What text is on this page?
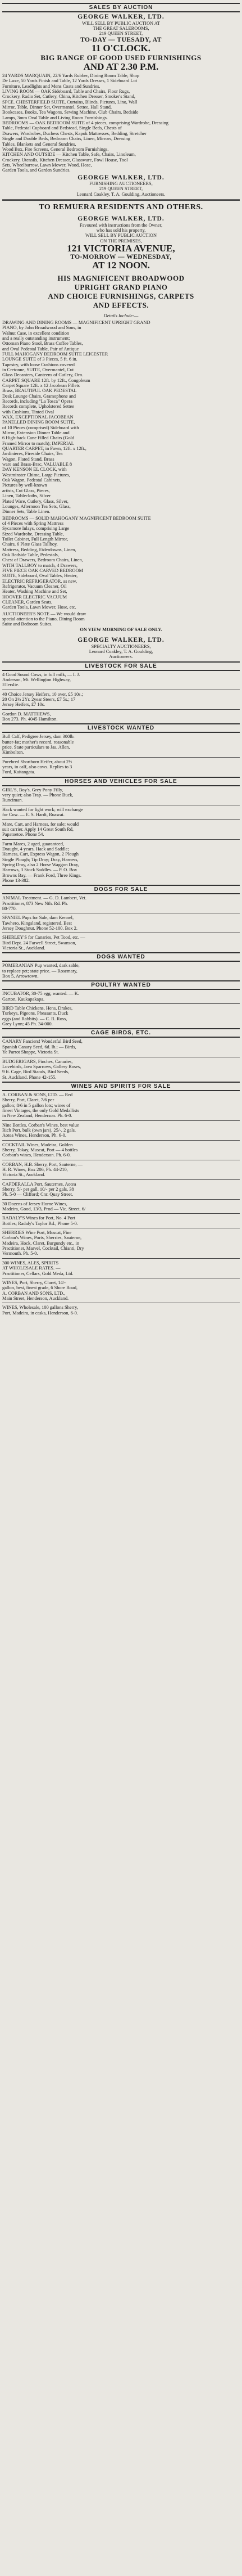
SALES BY AUCTION
GEORGE WALKER, LTD.
WILL SELL BY PUBLIC AUCTION AT
THE GREAT SALEROOMS,
219 QUEEN STREET,
TO-DAY — TUESADY, AT
11 O'CLOCK.
BIG RANGE OF GOOD USED FURNISHINGS
AND AT 2.30 P.M.
24 YARDS MARQUAIN, 22/6 Yards Rubber, Dining Room Table, Shop
De Luxe, 50 Yards Finish and Table, 12 Yards Dresses, 1 Sideboard Lot
Furniture, Leadlights and Mens Coats and Sundries.
LIVING ROOM — OAK Sideboard, Table and Chairs, Floor Rugs,
Crockery, Radio Set, Cutlery, China, Kitchen Dresser, Smoker's Stand,
SPCE. CHESTERFIELD SUITE, Curtains, Blinds, Pictures, Lino, Wall
Mirror, Table, Dinner Set, Overmantel, Settee, Hall Stand,
Bookcases, Books, Tea Wagons, Sewing Machine, Club Chairs, Bedside
Lamps, 3mm Oval Table and Living Room Furnishings.
BEDROOMS — OAK BEDROOM SUITE of 4 pieces, comprising Wardrobe, Dressing
Table, Pedestal Cupboard and Bedstead, Single Beds, Chests of
Drawers, Wardrobes, Duchess Chests, Kapok Mattresses, Bedding, Stretcher
Single and Double Beds, Bedroom Chairs, Linen, Mirrors, Dressing
Tables, Blankets and General Sundries,
Wood Box, Fire Screens, General Bedroom Furnishings.
KITCHEN AND OUTSIDE — Kitchen Table, Safe, Chairs, Linoleum,
Crockery, Utensils, Kitchen Dresser, Glassware, Fowl House, Tool
Sets, Wheelbarrow, Lawn Mower, Wood, Hose,
Garden Tools, and Garden Sundries.
GEORGE WALKER, LTD.
FURNISHING AUCTIONEERS,
219 QUEEN STREET,
Leonard Coakley, T. A. Goulding, Auctioneers.
TO REMUERA RESIDENTS AND OTHERS.
GEORGE WALKER, LTD.
Favoured with instructions from the Owner,
who has sold his property,
WILL SELL BY PUBLIC AUCTION
ON THE PREMISES,
121 VICTORIA AVENUE,
TO-MORROW — WEDNESDAY,
AT 12 NOON.
HIS MAGNIFICENT BROADWOOD
UPRIGHT GRAND PIANO
AND CHOICE FURNISHINGS, CARPETS
AND EFFECTS.
Details Include:—
DRAWING AND DINING ROOMS — MAGNIFICENT UPRIGHT GRAND
PIANO, by John Broadwood and Sons, in
Walnut Case, in excellent condition
and a really outstanding instrument;
Ottoman Piano Stool, Brass Coffee Tables,
and Oval Pedestal Table, Pair of Antique
FULL MAHOGANY BEDROOM SUITE LEICESTER
LOUNGE SUITE of 3 Pieces, 5 ft. 6 in.
Tapestry, with loose Cushions covered
in Cretonne, SUITE, Overmantel, Cut
Glass Decanters, Canteens of Cutlery, Orn.
CARPET SQUARE 12ft. by 12ft., Congoleum
Carpet Square 12ft. x 12 Jacobean Fillets
Brass, BEAUTIFUL OAK PEDESTAL
Desk Lounge Chairs, Gramophone and
Records, including "La Tosca" Opera
Records complete, Upholstered Settee
with Cushions, Tinted Oval
WAX, EXCEPTIONAL JACOBEAN
PANELLED DINING ROOM SUITE,
of 10 Pieces (comprised) Sideboard with
Mirror, Extension Dinner Table and
6 High-back Cane Filled Chairs (Gold
Framed Mirror to match); IMPERIAL
QUARTER CARPET, in Fawn, 12ft. x 12ft.,
Jardinieres, Fireside Chairs, Tea
Wagon, Plated Stand, Brass
ware and Brass-Brac, VALUABLE 8
DAY KENSON EL CLOCK, with
Westminster Chime, Large Pictures,
Oak Wagon, Pedestal Cabinets,
Pictures by well-known
artists, Cut Glass, Pieces,
Linen, Tablecloths, Silver
Plated Ware, Cutlery, Glass, Silver,
Lounges, Afternoon Tea Sets, Glass,
Dinner Sets, Table Linen.
BEDROOMS — SOLID MAHOGANY MAGNIFICENT BEDROOM SUITE
of 4 Pieces with Spring Mattress
Sycamore Inlays, comprising Large
Sized Wardrobe, Dressing Table,
Toilet Cabinet, Full Length Mirror,
Chairs, 6 Plate Glass Tallboy,
Mattress, Bedding, Eiderdowns, Linen,
Oak Bedside Table, Pedestals,
Chest of Drawers, Bedroom Chairs, Linen,
WITH TALLBOY to match, 4 Drawers,
FIVE PIECE OAK CARVED BEDROOM
SUITE, Sideboard, Oval Tables, Heater,
ELECTRIC REFRIGERATOR, as new,
Refrigerator, Vacuum Cleaner, Oil
Heater, Washing Machine and Set,
HOOVER ELECTRIC VACUUM
CLEANER, Garden Seats,
Garden Tools, Lawn Mower, Hose, etc.
AUCTIONEER'S NOTE — We would draw
special attention to the Piano, Dining Room
Suite and Bedroom Suites.
ON VIEW MORNING OF SALE ONLY.
GEORGE WALKER, LTD.
SPECIALTY AUCTIONEERS,
Leonard Coakley, T. A. Goulding,
Auctioneers.
LIVESTOCK FOR SALE
4 Good Sound Cows, in full milk, — I. J.
Anderson, Mt. Wellington Highway,
Ellerslie.
40 Choice Jersey Heifers, 10 over, £5 10s.;
20 On 2½ 2Yr. 2year Steers, £7 5s.; 17
Jersey Heifers, £7 10s.
Gordon D. MATTHEWS,
Box 273. Ph. 4045 Hamilton.
LIVESTOCK WANTED
Bull Calf, Pedigree Jersey, dam 300lb.
butter-fat; mother's record, reasonable
price. State particulars to Jas. Allen,
Kimbolton.
Purebred Shorthorn Heifer, about 2½
years, in calf, also cows. Replies to 3
Ford, Kaitangata.
HORSES AND VEHICLES FOR SALE
GIRL'S, Boy's, Grey Pony Filly,
very quiet; also Trap. — Phone Buck,
Runciman.
Hack wanted for light work; will exchange
for Cow. — E. S. Hardt, Ruawai.
Mare, Cart, and Harness, for sale; would
suit carrier. Apply 14 Great South Rd,
Papatoetoe. Phone 54.
Farm Mares, 2 aged, guaranteed,
Draught, 4 years, Hack and Saddle;
Harness, Cart, Express Wagon, 2 Plough
Single Plough; Tip Dray; Dray, Harness,
Spring Dray, also 2 Horse Waggon Dray,
Harrows, 3 Stock Saddles. — P. O. Box
Browns Bay. — Frank Ford, Three Kings.
Phone 13-382.
DOGS FOR SALE
ANIMAL Treatment. — G. D. Lambert, Vet.
Practitioner, 873 New Nth. Rd. Ph.
80-770.
SPANIEL Pups for Sale, dam Kennel,
Tawhero, Kingsland, registered. Best
Jersey Doughnut. Phone 52-100. Box 2.
SHERLEY'S for Canaries, Pet Tood, etc. —
Bird Dept. 24 Farwell Street, Swanson,
Victoria St., Auckland.
DOGS WANTED
POMERANIAN Pup wanted, dark sable,
to replace pet; state price. — Rosemary,
Box 5, Arrowtown.
POULTRY WANTED
INCUBATOR, 30-75 egg, wanted. — K.
Garton, Kaukapakapa.
BIRD Table Chickens, Hens, Drakes,
Turkeys, Pigeons, Pheasants, Duck
eggs (and Rabbits). — C. R. Ross,
Grey Lynn; 45 Ph. 34-000.
CAGE BIRDS, ETC.
CANARY Fanciers! Wonderful Bird Seed,
Spanish Canary Seed, 6d. lb.; — Birds,
Ye Parrot Shoppe, Victoria St.
BUDGERIGARS, Finches, Canaries,
Lovebirds, Java Sparrows, Gallery Roses,
9 ft. Cage, Bird Stands, Bird Seeds,
St. Auckland. Phone 42-155.
WINES AND SPIRITS FOR SALE
A. CORBAN & SONS, LTD. — Red
Sherry, Port, Claret, 7/6 per
gallon; 8/6 in 5 gallon lots; wines of
finest Vintages, the only Gold Medallists
in New Zealand, Henderson. Ph. 6-0.
Nine Bottles, Corban's Wines, best value
Rich Port, bulk (own jars), 25/-, 2 gals.
Aotea Wines, Henderson, Ph. 6-0.
COCKTAIL Wines, Madeira, Golden
Sherry, Tokay, Muscat, Port — 4 bottles
Corban's wines, Henderson. Ph. 6-0.
CORBAN, H.B. Sherry, Port, Sauterne, —
H. R. Wines, Box 206, Ph. 44-210,
Victoria St., Auckland.
CAPDERALLA Port, Sauternes, Aotea
Sherry, 5/- per gall. 10/- per 2 gals, 38
Ph. 5-0 — Clifford; Cnr. Quay Street.
30 Dozens of Jersey Horne Wines,
Madeira, Good, 13/3, Prod — Vic. Street, 6/
RADALY'S Wines for Port, No. 4 Port
Bottles; Radaly's Taylor Rd., Phone 5-0.
SHERRIES Wine Port, Muscat, Fine
Corban's Wines, Ports, Sherries, Sauterne,
Madeira, Hock, Claret, Burgundy etc., in
Practitioner, Marvel, Cocktail, Chianti, Dry
Vermouth. Ph. 5-0.
300 WINES, ALES, SPIRITS
AT WHOLESALE RATES. —
Practitioner, Cellars, Gold Meda, Ltd.
WINES, Port, Sherry, Claret, 14/-
gallon, best, finest grade, 6 Shore Road,
A. CORBAN AND SONS, LTD.,
Main Street, Henderson, Auckland.
WINES, Wholesale, 100 gallons Sherry,
Port, Madeira, in casks, Henderson, 6-0.
